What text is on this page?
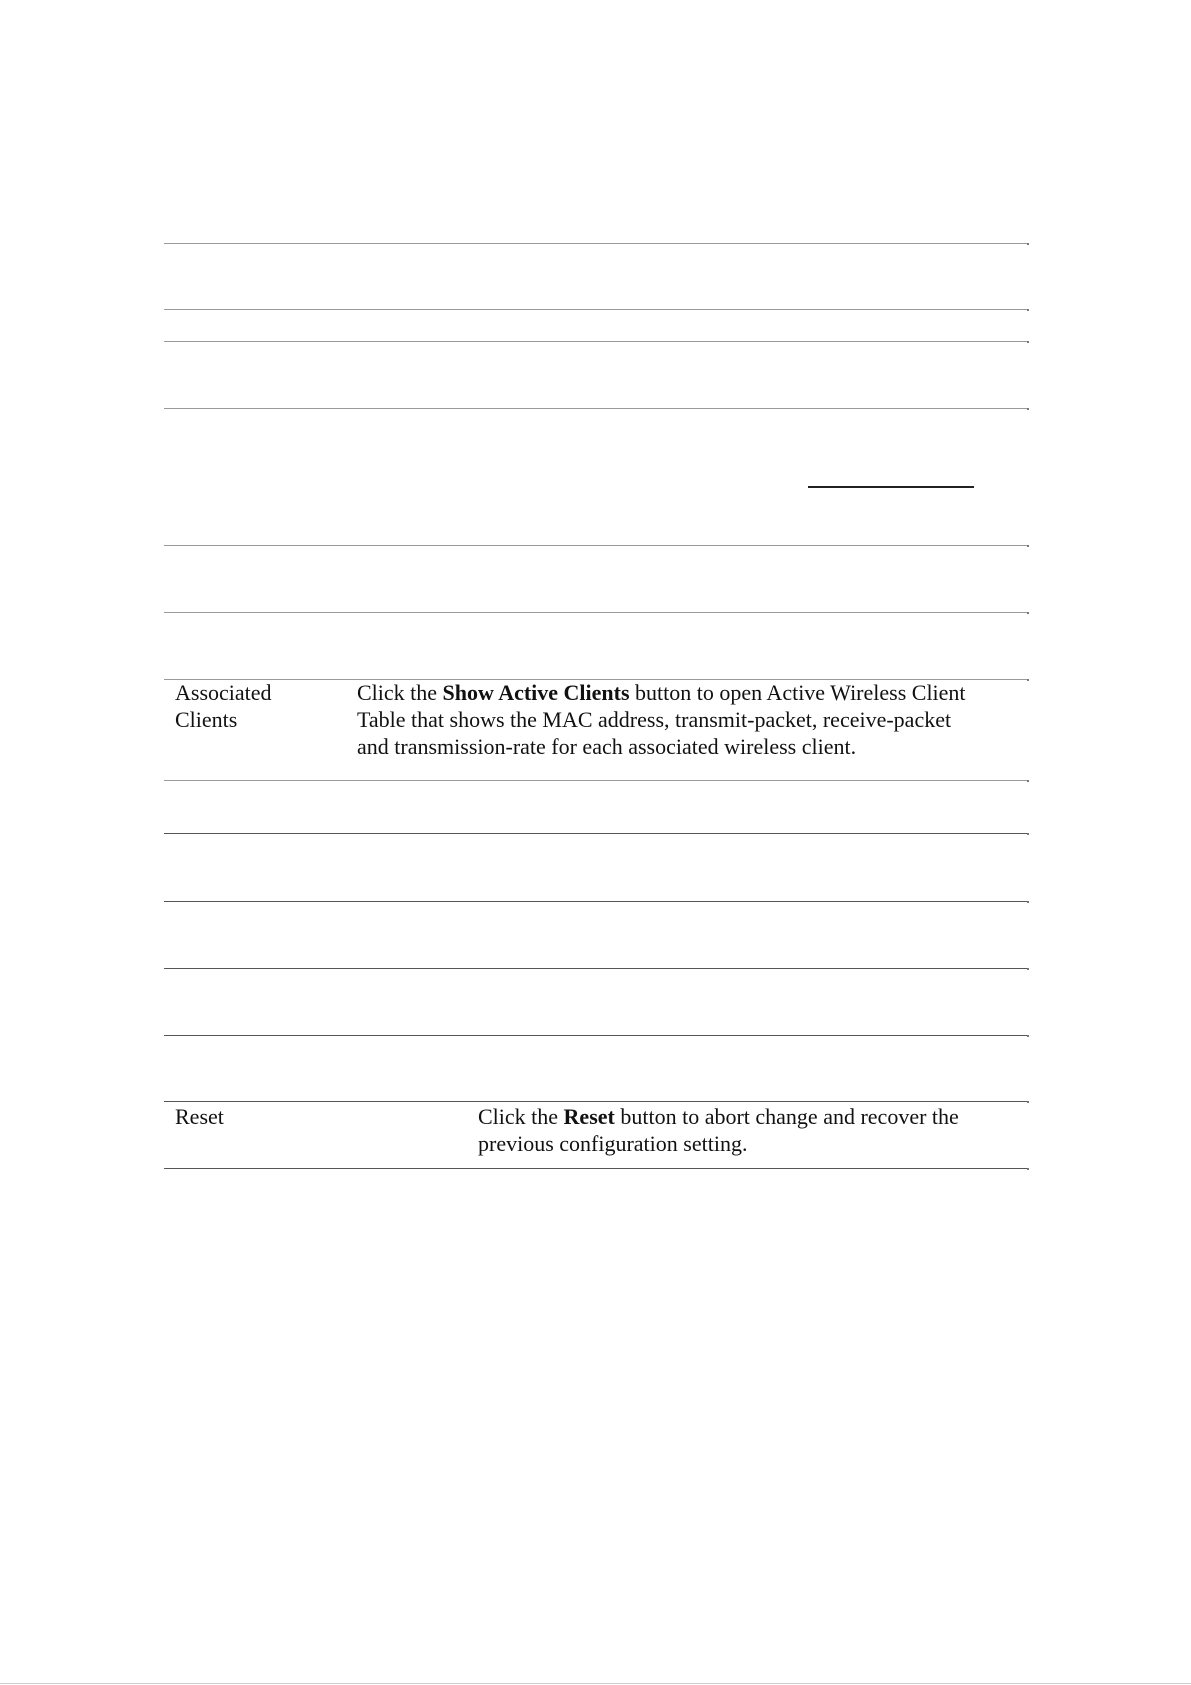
Associated
Clients
Click the Show Active Clients button to open Active Wireless Client
Table that shows the MAC address, transmit-packet, receive-packet
and transmission-rate for each associated wireless client.
Reset	Click the Reset button to abort change and recover the
previous configuration setting.
